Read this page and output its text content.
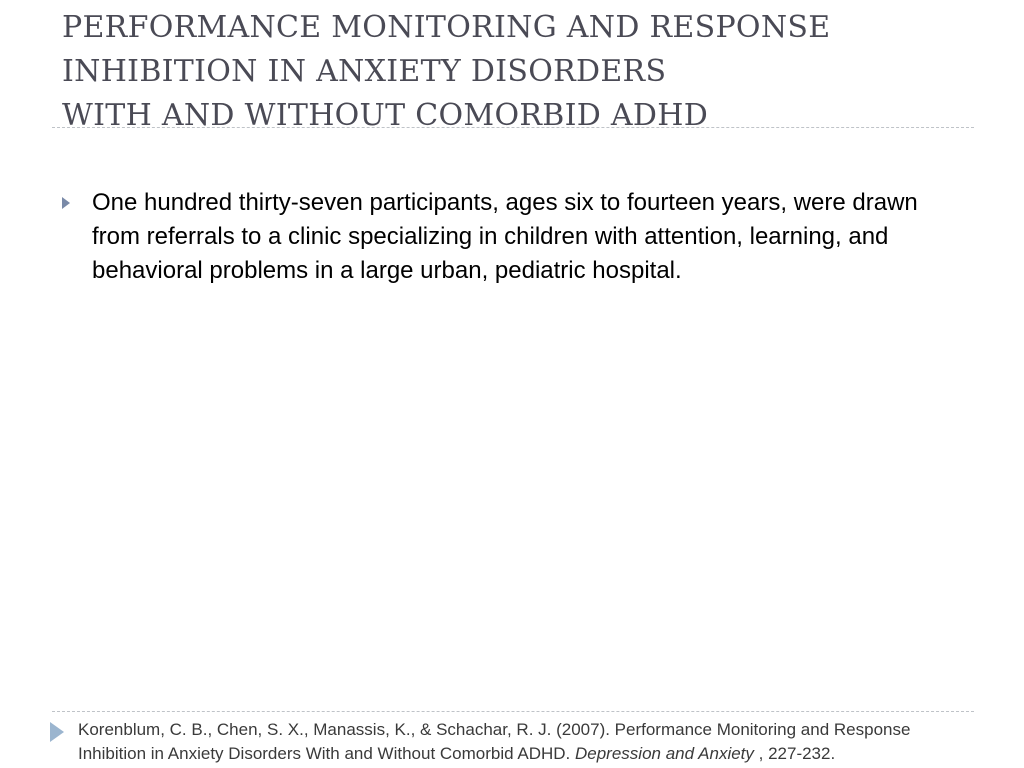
PERFORMANCE MONITORING AND RESPONSE
INHIBITION IN ANXIETY DISORDERS
WITH AND WITHOUT COMORBID ADHD
One hundred thirty-seven participants, ages six to fourteen years, were drawn from referrals to a clinic specializing in children with attention, learning, and behavioral problems in a large urban, pediatric hospital.
Korenblum, C. B., Chen, S. X., Manassis, K., & Schachar, R. J. (2007). Performance Monitoring and Response Inhibition in Anxiety Disorders With and Without Comorbid ADHD. Depression and Anxiety , 227-232.
